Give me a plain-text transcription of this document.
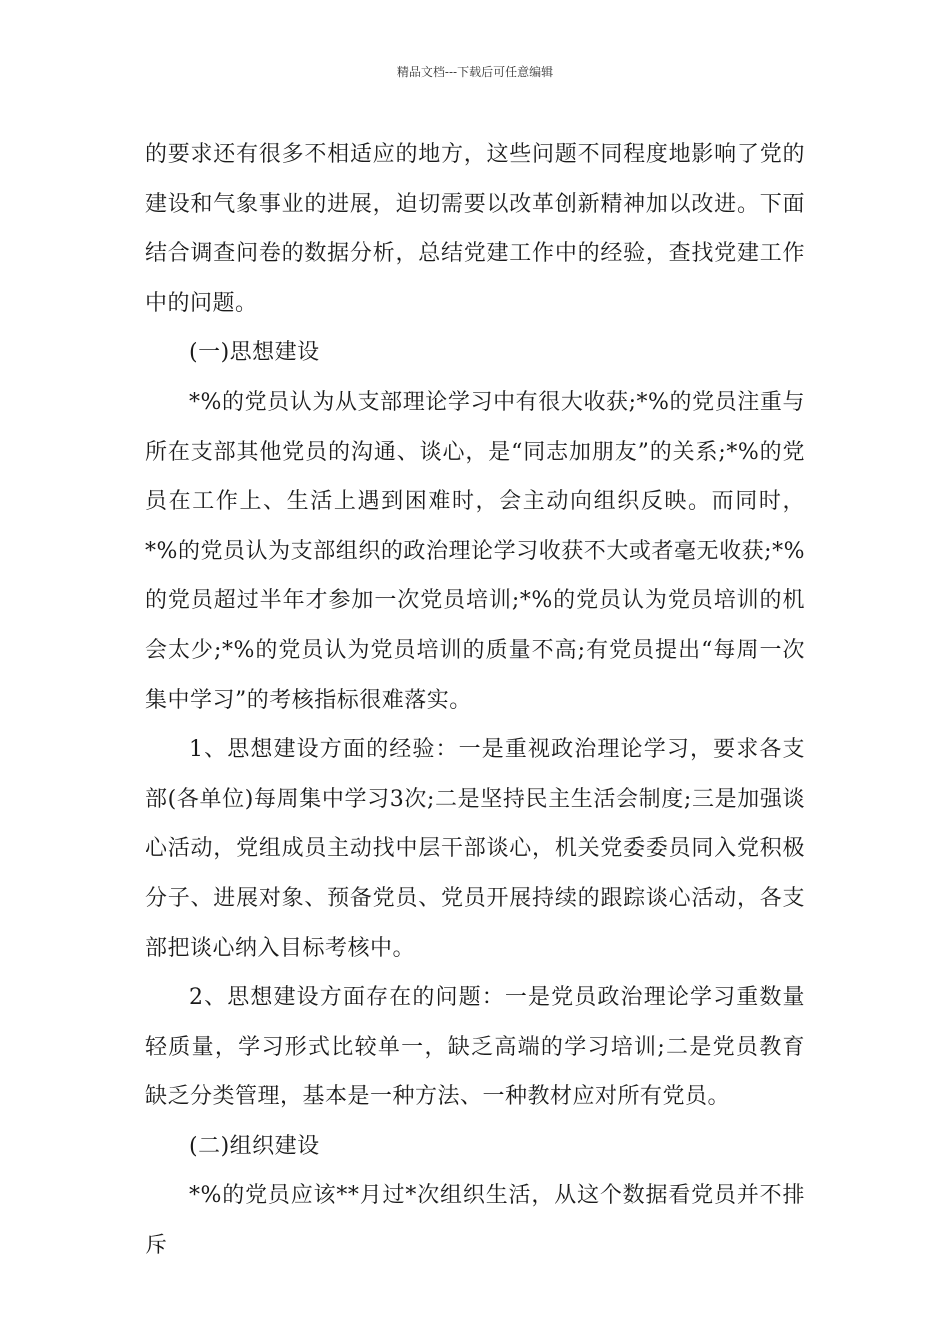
精品文档---下载后可任意编辑

的要求还有很多不相适应的地方，这些问题不同程度地影响了党的建设和气象事业的进展，迫切需要以改革创新精神加以改进。下面结合调查问卷的数据分析，总结党建工作中的经验，查找党建工作中的问题。

(一)思想建设

*%的党员认为从支部理论学习中有很大收获;*%的党员注重与所在支部其他党员的沟通、谈心，是“同志加朋友”的关系;*%的党员在工作上、生活上遇到困难时，会主动向组织反映。而同时，*%的党员认为支部组织的政治理论学习收获不大或者毫无收获;*%的党员超过半年才参加一次党员培训;*%的党员认为党员培训的机会太少;*%的党员认为党员培训的质量不高;有党员提出“每周一次集中学习”的考核指标很难落实。

1、思想建设方面的经验：一是重视政治理论学习，要求各支部(各单位)每周集中学习3次;二是坚持民主生活会制度;三是加强谈心活动，党组成员主动找中层干部谈心，机关党委委员同入党积极分子、进展对象、预备党员、党员开展持续的跟踪谈心活动，各支部把谈心纳入目标考核中。

2、思想建设方面存在的问题：一是党员政治理论学习重数量轻质量，学习形式比较单一，缺乏高端的学习培训;二是党员教育缺乏分类管理，基本是一种方法、一种教材应对所有党员。

(二)组织建设

*%的党员应该**月过*次组织生活，从这个数据看党员并不排斥
